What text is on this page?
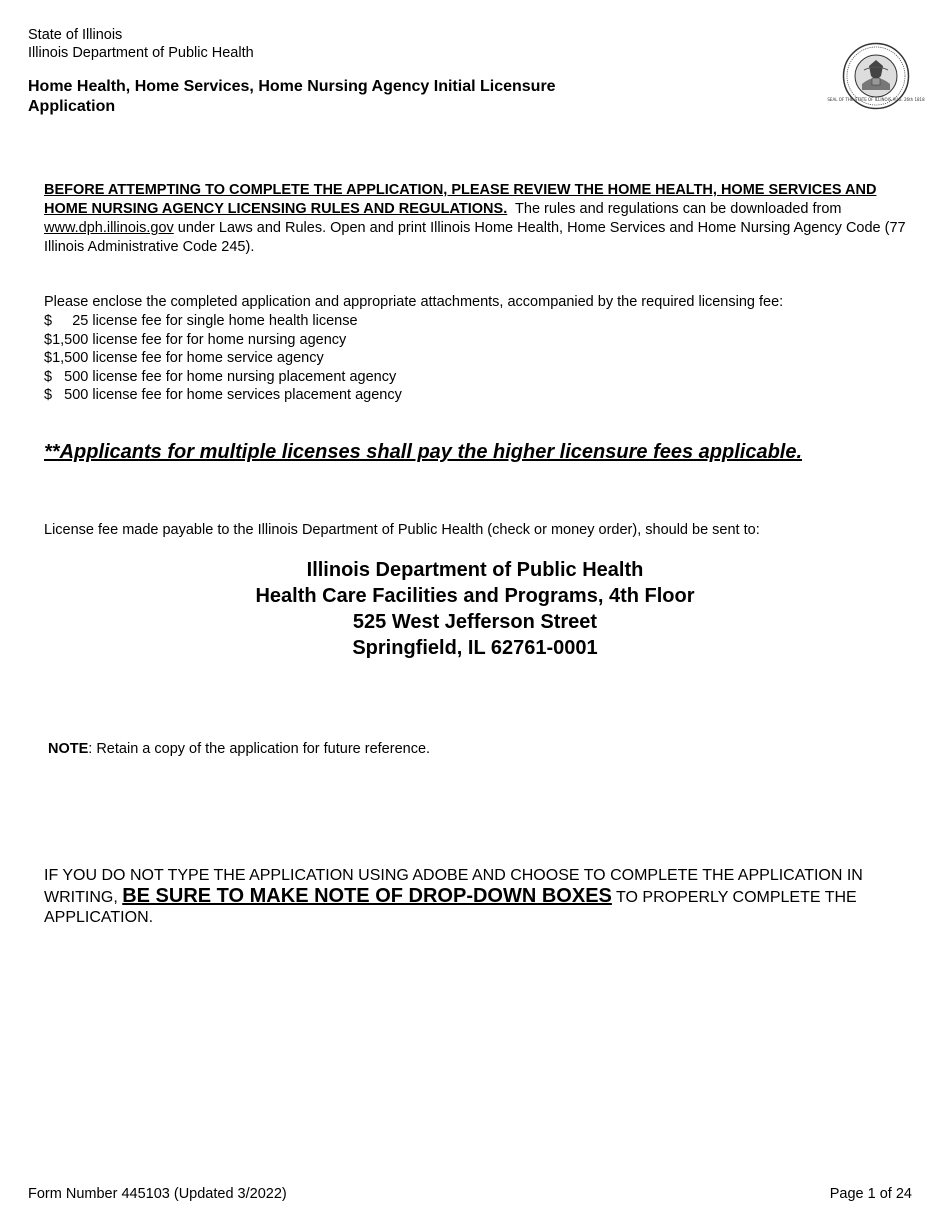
State of Illinois
Illinois Department of Public Health
Home Health, Home Services, Home Nursing Agency Initial Licensure Application	SEAL OF THE STATE OF ILLINOIS AUG. 26th 1818
BEFORE ATTEMPTING TO COMPLETE THE APPLICATION, PLEASE REVIEW THE HOME HEALTH, HOME SERVICES AND HOME NURSING AGENCY LICENSING RULES AND REGULATIONS. The rules and regulations can be downloaded from www.dph.illinois.gov under Laws and Rules. Open and print Illinois Home Health, Home Services and Home Nursing Agency Code (77 Illinois Administrative Code 245).
Please enclose the completed application and appropriate attachments, accompanied by the required licensing fee:
$     25 license fee for single home health license
$1,500 license fee for for home nursing agency
$1,500 license fee for home service agency
$   500 license fee for home nursing placement agency
$   500 license fee for home services placement agency
**Applicants for multiple licenses shall pay the higher licensure fees applicable.
License fee made payable to the Illinois Department of Public Health (check or money order), should be sent to:
Illinois Department of Public Health
Health Care Facilities and Programs, 4th Floor
525 West Jefferson Street
Springfield, IL 62761-0001
NOTE: Retain a copy of the application for future reference.
IF YOU DO NOT TYPE THE APPLICATION USING ADOBE AND CHOOSE TO COMPLETE THE APPLICATION IN WRITING, BE SURE TO MAKE NOTE OF DROP-DOWN BOXES TO PROPERLY COMPLETE THE APPLICATION.
Form Number 445103 (Updated 3/2022)	Page 1 of 24
